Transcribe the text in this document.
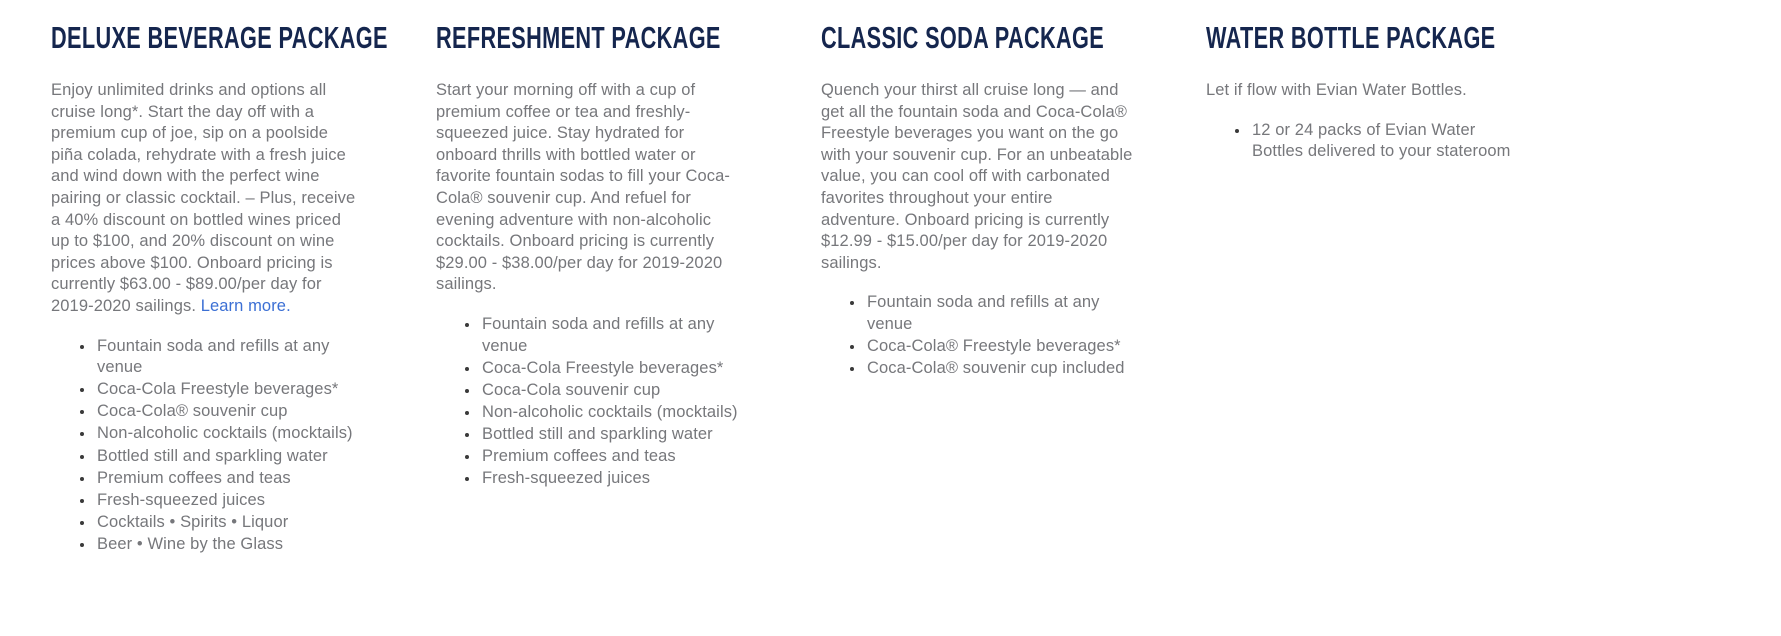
DELUXE BEVERAGE PACKAGE

Enjoy unlimited drinks and options all cruise long*. Start the day off with a premium cup of joe, sip on a poolside piña colada, rehydrate with a fresh juice and wind down with the perfect wine pairing or classic cocktail. – Plus, receive a 40% discount on bottled wines priced up to $100, and 20% discount on wine prices above $100. Onboard pricing is currently $63.00 - $89.00/per day for 2019-2020 sailings. Learn more.

• Fountain soda and refills at any venue
• Coca-Cola Freestyle beverages*
• Coca-Cola® souvenir cup
• Non-alcoholic cocktails (mocktails)
• Bottled still and sparkling water
• Premium coffees and teas
• Fresh-squeezed juices
• Cocktails • Spirits • Liquor
• Beer • Wine by the Glass
REFRESHMENT PACKAGE

Start your morning off with a cup of premium coffee or tea and freshly-squeezed juice. Stay hydrated for onboard thrills with bottled water or favorite fountain sodas to fill your Coca-Cola® souvenir cup. And refuel for evening adventure with non-alcoholic cocktails. Onboard pricing is currently $29.00 - $38.00/per day for 2019-2020 sailings.

• Fountain soda and refills at any venue
• Coca-Cola Freestyle beverages*
• Coca-Cola souvenir cup
• Non-alcoholic cocktails (mocktails)
• Bottled still and sparkling water
• Premium coffees and teas
• Fresh-squeezed juices
CLASSIC SODA PACKAGE

Quench your thirst all cruise long — and get all the fountain soda and Coca-Cola® Freestyle beverages you want on the go with your souvenir cup. For an unbeatable value, you can cool off with carbonated favorites throughout your entire adventure. Onboard pricing is currently $12.99 - $15.00/per day for 2019-2020 sailings.

• Fountain soda and refills at any venue
• Coca-Cola® Freestyle beverages*
• Coca-Cola® souvenir cup included
WATER BOTTLE PACKAGE

Let if flow with Evian Water Bottles.

• 12 or 24 packs of Evian Water Bottles delivered to your stateroom
